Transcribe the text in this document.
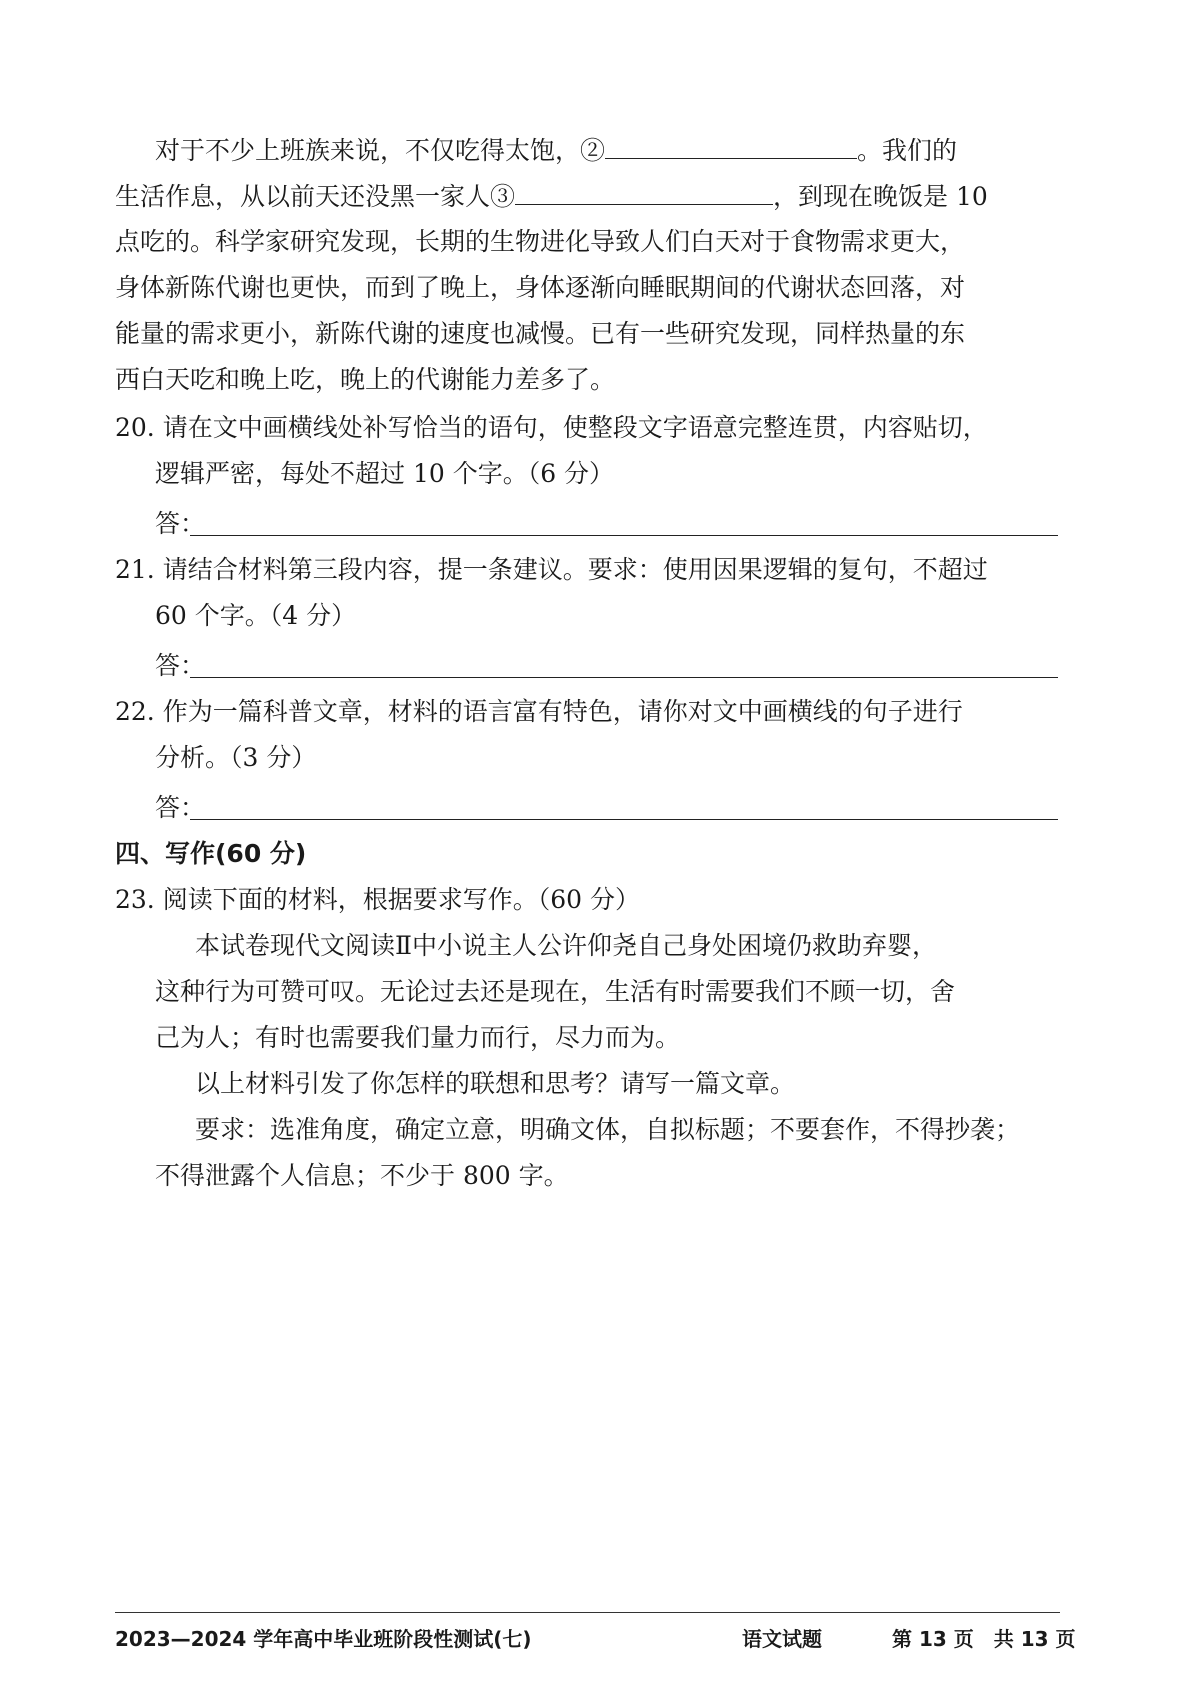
对于不少上班族来说，不仅吃得太饱，②	。我们的
生活作息，从以前天还没黑一家人③	，到现在晚饭是 10
点吃的。科学家研究发现，长期的生物进化导致人们白天对于食物需求更大，
身体新陈代谢也更快，而到了晚上，身体逐渐向睡眠期间的代谢状态回落，对
能量的需求更小，新陈代谢的速度也减慢。已有一些研究发现，同样热量的东
西白天吃和晚上吃，晚上的代谢能力差多了。
20. 请在文中画横线处补写恰当的语句，使整段文字语意完整连贯，内容贴切，
逻辑严密，每处不超过 10 个字。（6 分）
答：
21. 请结合材料第三段内容，提一条建议。要求：使用因果逻辑的复句，不超过
60 个字。（4 分）
答：
22. 作为一篇科普文章，材料的语言富有特色，请你对文中画横线的句子进行
分析。（3 分）
答：
四、写作(60 分)
23. 阅读下面的材料，根据要求写作。（60 分）
本试卷现代文阅读Ⅱ中小说主人公许仰尧自己身处困境仍救助弃婴，
这种行为可赞可叹。无论过去还是现在，生活有时需要我们不顾一切，舍
己为人；有时也需要我们量力而行，尽力而为。
以上材料引发了你怎样的联想和思考？请写一篇文章。
要求：选准角度，确定立意，明确文体，自拟标题；不要套作，不得抄袭；
不得泄露个人信息；不少于 800 字。
2023—2024 学年高中毕业班阶段性测试(七)	语文试题	第 13 页　共 13 页
